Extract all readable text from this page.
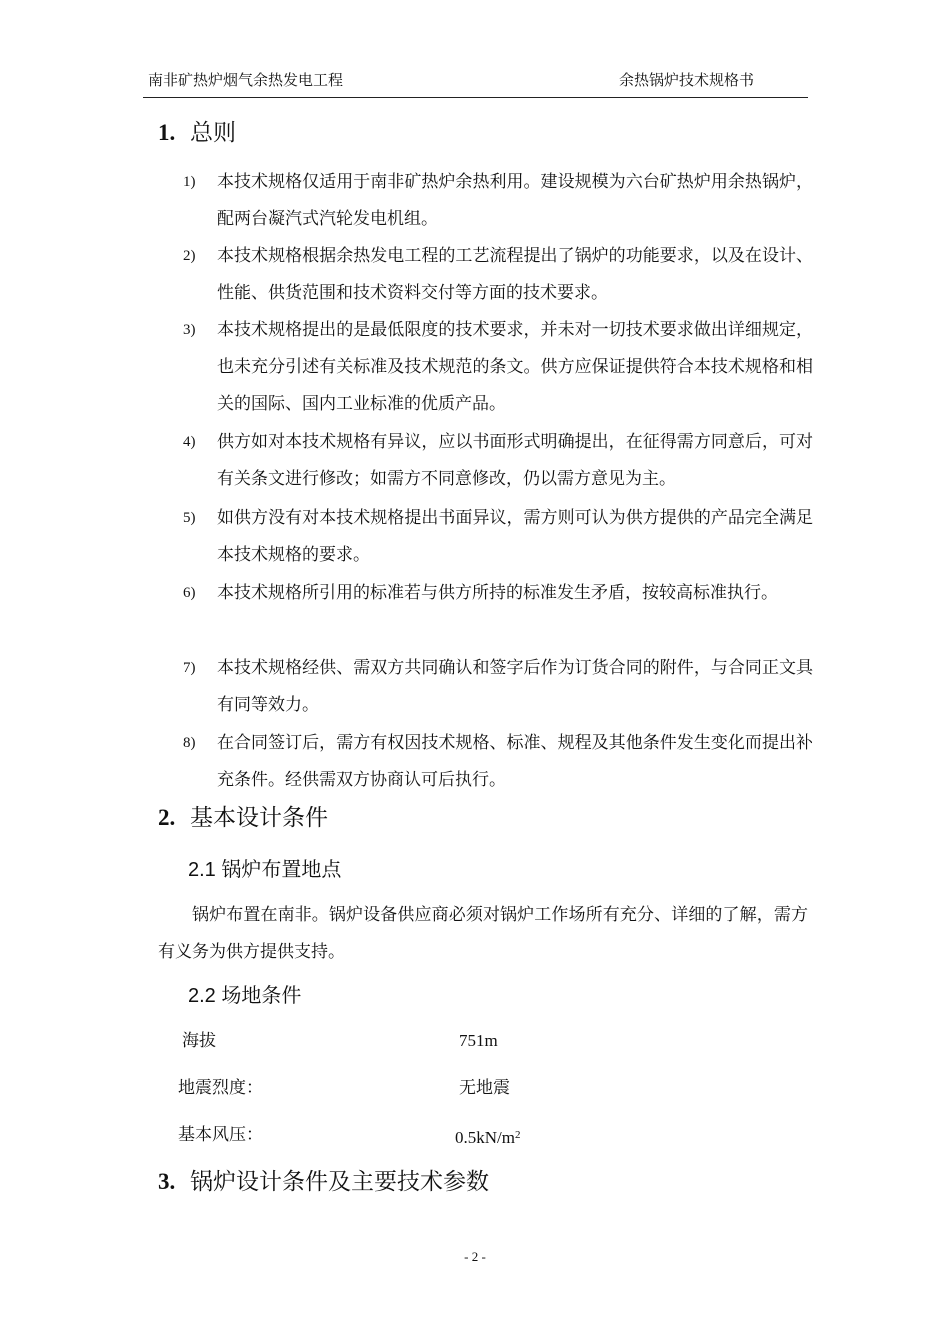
南非矿热炉烟气余热发电工程	余热锅炉技术规格书
1. 总则
1) 本技术规格仅适用于南非矿热炉余热利用。建设规模为六台矿热炉用余热锅炉，配两台凝汽式汽轮发电机组。
2) 本技术规格根据余热发电工程的工艺流程提出了锅炉的功能要求，以及在设计、性能、供货范围和技术资料交付等方面的技术要求。
3) 本技术规格提出的是最低限度的技术要求，并未对一切技术要求做出详细规定，也未充分引述有关标准及技术规范的条文。供方应保证提供符合本技术规格和相关的国际、国内工业标准的优质产品。
4) 供方如对本技术规格有异议，应以书面形式明确提出，在征得需方同意后，可对有关条文进行修改；如需方不同意修改，仍以需方意见为主。
5) 如供方没有对本技术规格提出书面异议，需方则可认为供方提供的产品完全满足本技术规格的要求。
6) 本技术规格所引用的标准若与供方所持的标准发生矛盾，按较高标准执行。
7) 本技术规格经供、需双方共同确认和签字后作为订货合同的附件，与合同正文具有同等效力。
8) 在合同签订后，需方有权因技术规格、标准、规程及其他条件发生变化而提出补充条件。经供需双方协商认可后执行。
2. 基本设计条件
2.1 锅炉布置地点
锅炉布置在南非。锅炉设备供应商必须对锅炉工作场所有充分、详细的了解，需方有义务为供方提供支持。
2.2 场地条件
海拔	751m
地震烈度：	无地震
基本风压：	$0.5kN/m^2$
3. 锅炉设计条件及主要技术参数
- 2 -
